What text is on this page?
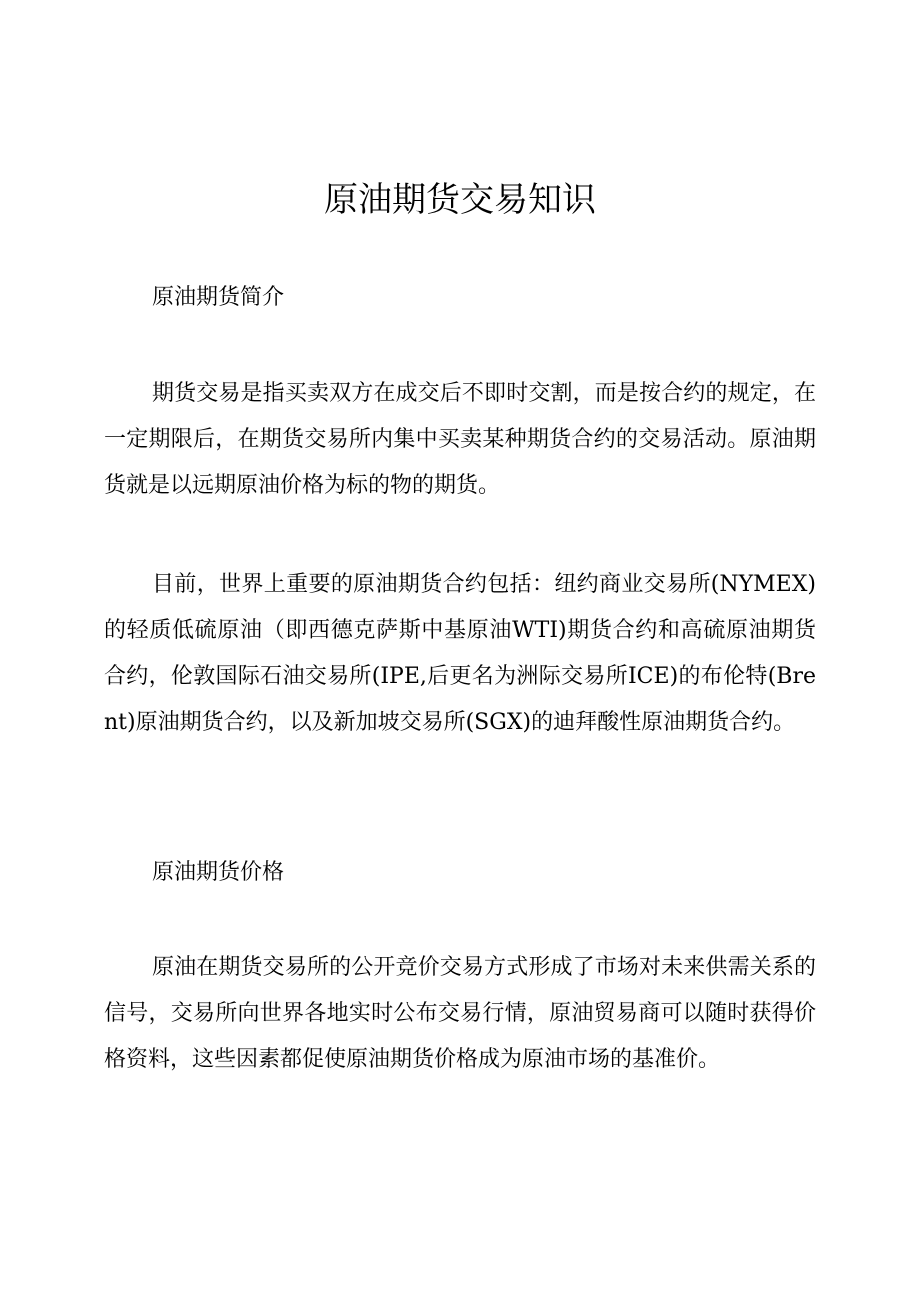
原油期货交易知识
原油期货简介

期货交易是指买卖双方在成交后不即时交割，而是按合约的规定，在一定期限后，在期货交易所内集中买卖某种期货合约的交易活动。原油期货就是以远期原油价格为标的物的期货。

目前，世界上重要的原油期货合约包括：纽约商业交易所(NYMEX)的轻质低硫原油（即西德克萨斯中基原油WTI)期货合约和高硫原油期货合约，伦敦国际石油交易所(IPE,后更名为洲际交易所ICE)的布伦特(Brent)原油期货合约，以及新加坡交易所(SGX)的迪拜酸性原油期货合约。

原油期货价格

原油在期货交易所的公开竞价交易方式形成了市场对未来供需关系的信号，交易所向世界各地实时公布交易行情，原油贸易商可以随时获得价格资料，这些因素都促使原油期货价格成为原油市场的基准价。
